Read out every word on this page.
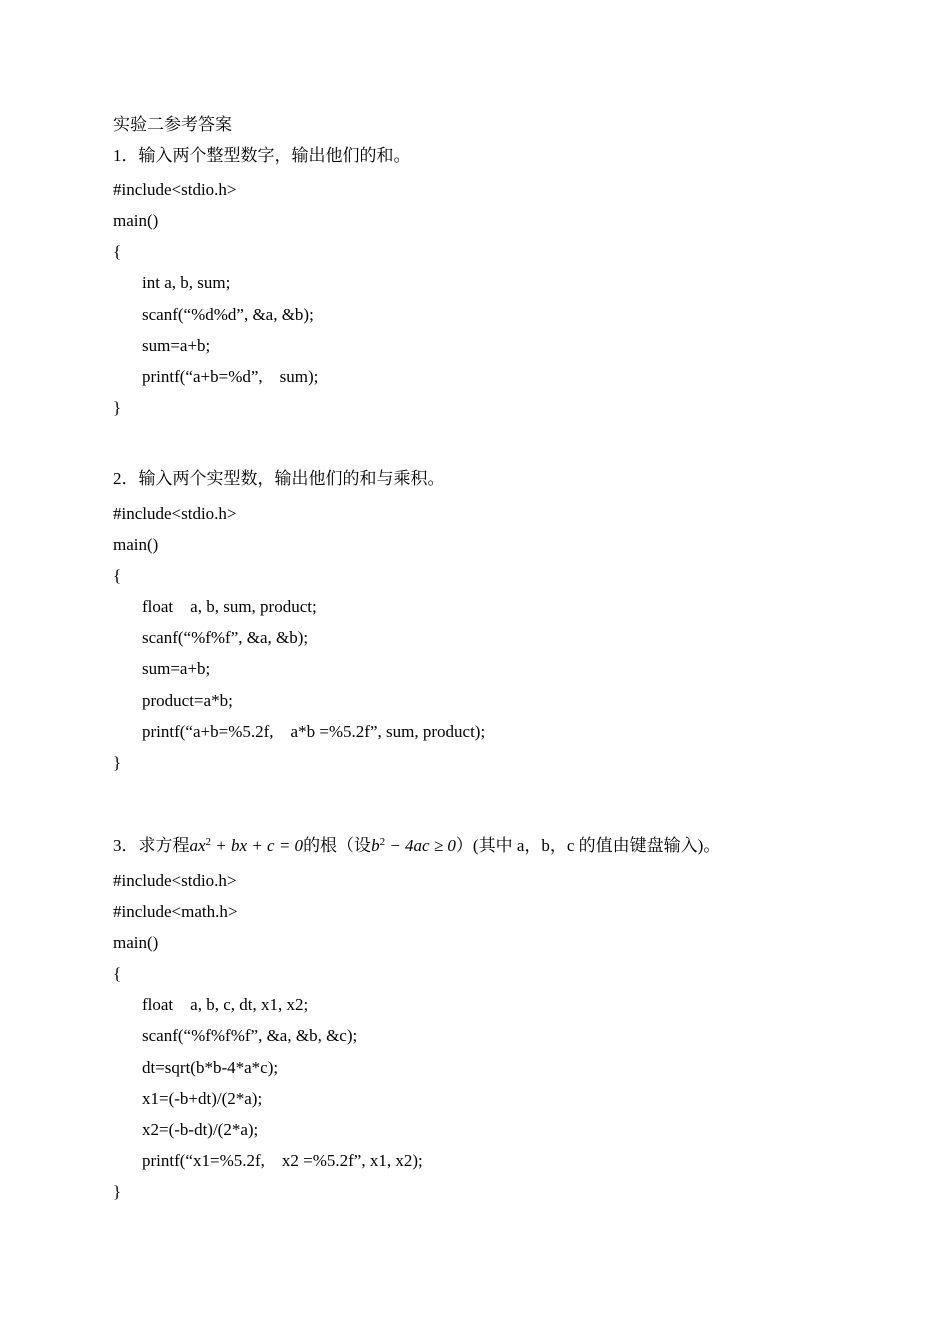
实验二参考答案
1．输入两个整型数字，输出他们的和。
#include<stdio.h>
main()
{
int a, b, sum;
scanf(“%d%d”, &a, &b);
sum=a+b;
printf(“a+b=%d”,    sum);
}
2．输入两个实型数，输出他们的和与乘积。
#include<stdio.h>
main()
{
float    a, b, sum, product;
scanf(“%f%f”, &a, &b);
sum=a+b;
product=a*b;
printf(“a+b=%5.2f,    a*b =%5.2f”, sum, product);
}
3．求方程$ax^2$ + bx + c = 0的根（设$b^2 - 4ac \ge 0$）(其中 a，b，c 的值由键盘输入)。
#include<stdio.h>
#include<math.h>
main()
{
float    a, b, c, dt, x1, x2;
scanf(“%f%f%f”, &a, &b, &c);
dt=sqrt(b*b-4*a*c);
x1=(-b+dt)/(2*a);
x2=(-b-dt)/(2*a);
printf(“x1=%5.2f,    x2 =%5.2f”, x1, x2);
}
